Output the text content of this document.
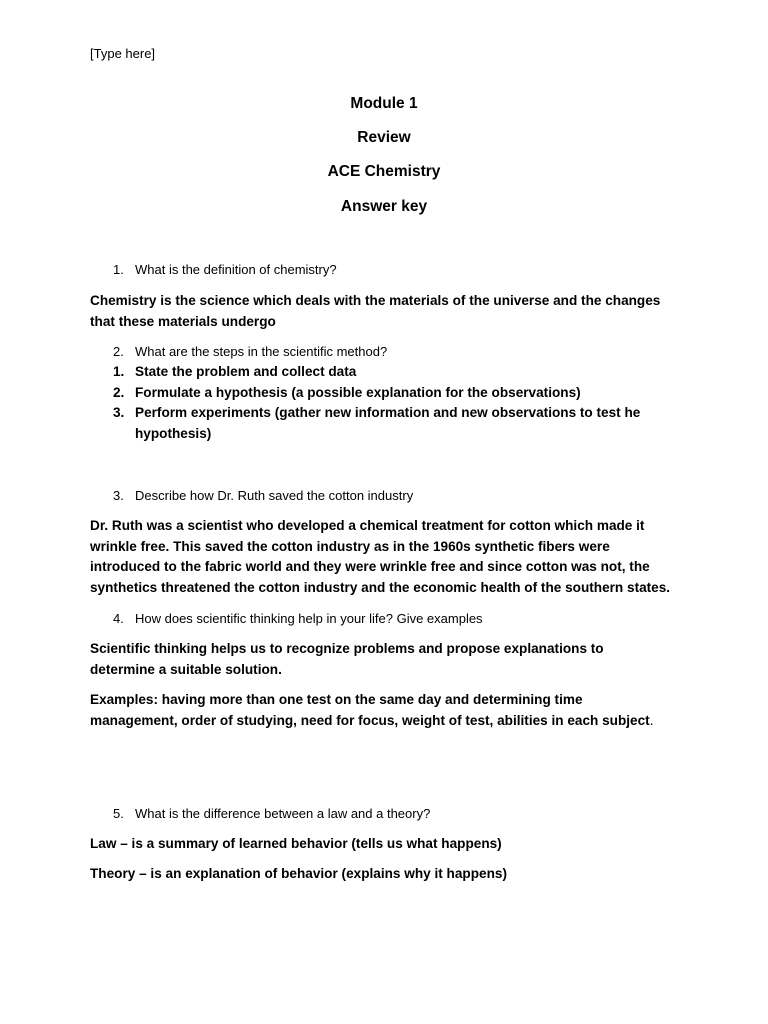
[Type here]
Module 1
Review
ACE Chemistry
Answer key
1. What is the definition of chemistry?
Chemistry is the science which deals with the materials of the universe and the changes that these materials undergo
2. What are the steps in the scientific method?
1. State the problem and collect data
2. Formulate a hypothesis (a possible explanation for the observations)
3. Perform experiments (gather new information and new observations to test he hypothesis)
3. Describe how Dr. Ruth saved the cotton industry
Dr. Ruth was a scientist who developed a chemical treatment for cotton which made it wrinkle free. This saved the cotton industry as in the 1960s synthetic fibers were introduced to the fabric world and they were wrinkle free and since cotton was not, the synthetics threatened the cotton industry and the economic health of the southern states.
4. How does scientific thinking help in your life? Give examples
Scientific thinking helps us to recognize problems and propose explanations to determine a suitable solution.
Examples: having more than one test on the same day and determining time management, order of studying, need for focus, weight of test, abilities in each subject.
5. What is the difference between a law and a theory?
Law – is a summary of learned behavior (tells us what happens)
Theory – is an explanation of behavior (explains why it happens)
